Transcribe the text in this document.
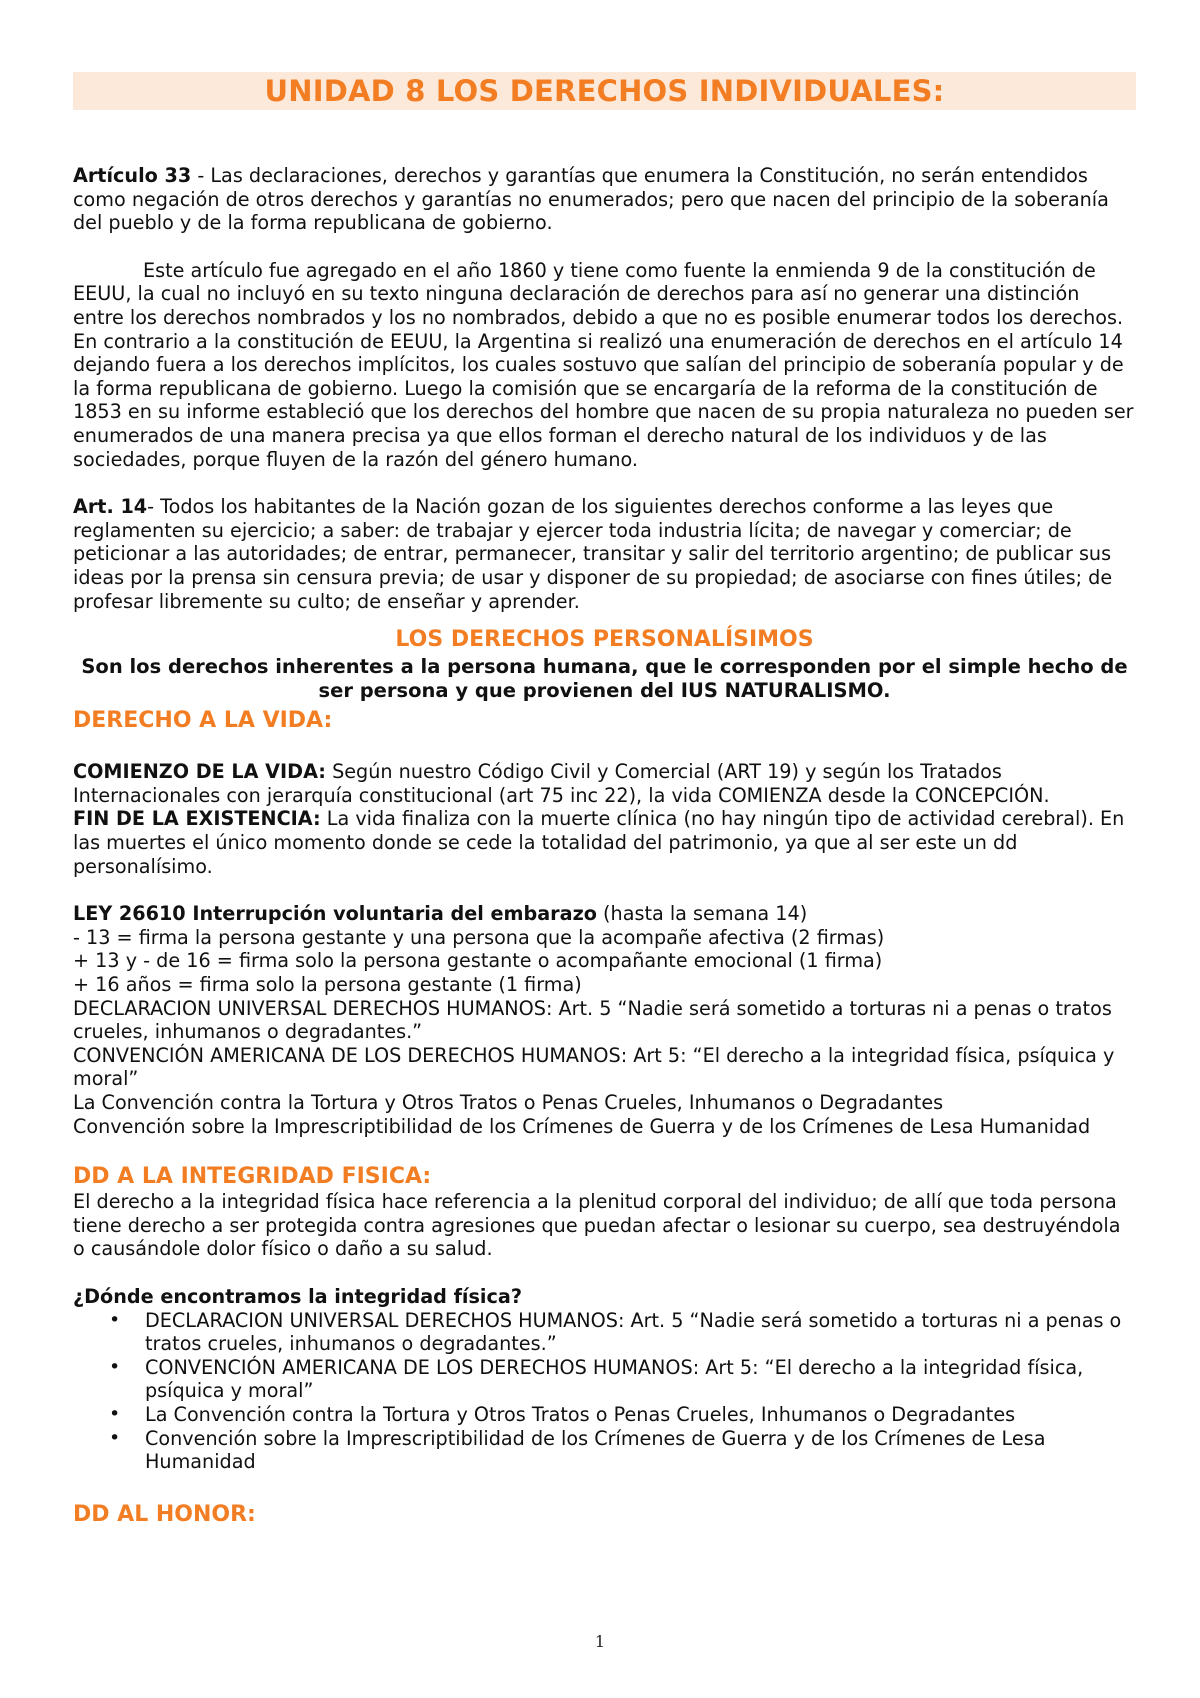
UNIDAD 8 LOS DERECHOS INDIVIDUALES:

Artículo 33 - Las declaraciones, derechos y garantías que enumera la Constitución, no serán entendidos como negación de otros derechos y garantías no enumerados; pero que nacen del principio de la soberanía del pueblo y de la forma republicana de gobierno.

Este artículo fue agregado en el año 1860 y tiene como fuente la enmienda 9 de la constitución de EEUU, la cual no incluyó en su texto ninguna declaración de derechos para así no generar una distinción entre los derechos nombrados y los no nombrados, debido a que no es posible enumerar todos los derechos. En contrario a la constitución de EEUU, la Argentina si realizó una enumeración de derechos en el artículo 14 dejando fuera a los derechos implícitos, los cuales sostuvo que salían del principio de soberanía popular y de la forma republicana de gobierno. Luego la comisión que se encargaría de la reforma de la constitución de 1853 en su informe estableció que los derechos del hombre que nacen de su propia naturaleza no pueden ser enumerados de una manera precisa ya que ellos forman el derecho natural de los individuos y de las sociedades, porque fluyen de la razón del género humano.

Art. 14- Todos los habitantes de la Nación gozan de los siguientes derechos conforme a las leyes que reglamenten su ejercicio; a saber: de trabajar y ejercer toda industria lícita; de navegar y comerciar; de peticionar a las autoridades; de entrar, permanecer, transitar y salir del territorio argentino; de publicar sus ideas por la prensa sin censura previa; de usar y disponer de su propiedad; de asociarse con fines útiles; de profesar libremente su culto; de enseñar y aprender.

LOS DERECHOS PERSONALÍSIMOS

Son los derechos inherentes a la persona humana, que le corresponden por el simple hecho de ser persona y que provienen del IUS NATURALISMO.

DERECHO A LA VIDA:

COMIENZO DE LA VIDA: Según nuestro Código Civil y Comercial (ART 19) y según los Tratados Internacionales con jerarquía constitucional (art 75 inc 22), la vida COMIENZA desde la CONCEPCIÓN.

FIN DE LA EXISTENCIA: La vida finaliza con la muerte clínica (no hay ningún tipo de actividad cerebral). En las muertes el único momento donde se cede la totalidad del patrimonio, ya que al ser este un dd personalísimo.

LEY 26610 Interrupción voluntaria del embarazo (hasta la semana 14)

- 13 = firma la persona gestante y una persona que la acompañe afectiva (2 firmas)

+ 13 y - de 16 = firma solo la persona gestante o acompañante emocional (1 firma)

+ 16 años = firma solo la persona gestante (1 firma)

DECLARACION UNIVERSAL DERECHOS HUMANOS: Art. 5 “Nadie será sometido a torturas ni a penas o tratos crueles, inhumanos o degradantes.”

CONVENCIÓN AMERICANA DE LOS DERECHOS HUMANOS: Art 5: “El derecho a la integridad física, psíquica y moral”

La Convención contra la Tortura y Otros Tratos o Penas Crueles, Inhumanos o Degradantes

Convención sobre la Imprescriptibilidad de los Crímenes de Guerra y de los Crímenes de Lesa Humanidad

DD A LA INTEGRIDAD FISICA:

El derecho a la integridad física hace referencia a la plenitud corporal del individuo; de allí que toda persona tiene derecho a ser protegida contra agresiones que puedan afectar o lesionar su cuerpo, sea destruyéndola o causándole dolor físico o daño a su salud.

¿Dónde encontramos la integridad física?

• DECLARACION UNIVERSAL DERECHOS HUMANOS: Art. 5 “Nadie será sometido a torturas ni a penas o tratos crueles, inhumanos o degradantes.”
• CONVENCIÓN AMERICANA DE LOS DERECHOS HUMANOS: Art 5: “El derecho a la integridad física, psíquica y moral”
• La Convención contra la Tortura y Otros Tratos o Penas Crueles, Inhumanos o Degradantes
• Convención sobre la Imprescriptibilidad de los Crímenes de Guerra y de los Crímenes de Lesa Humanidad

DD AL HONOR:

1
